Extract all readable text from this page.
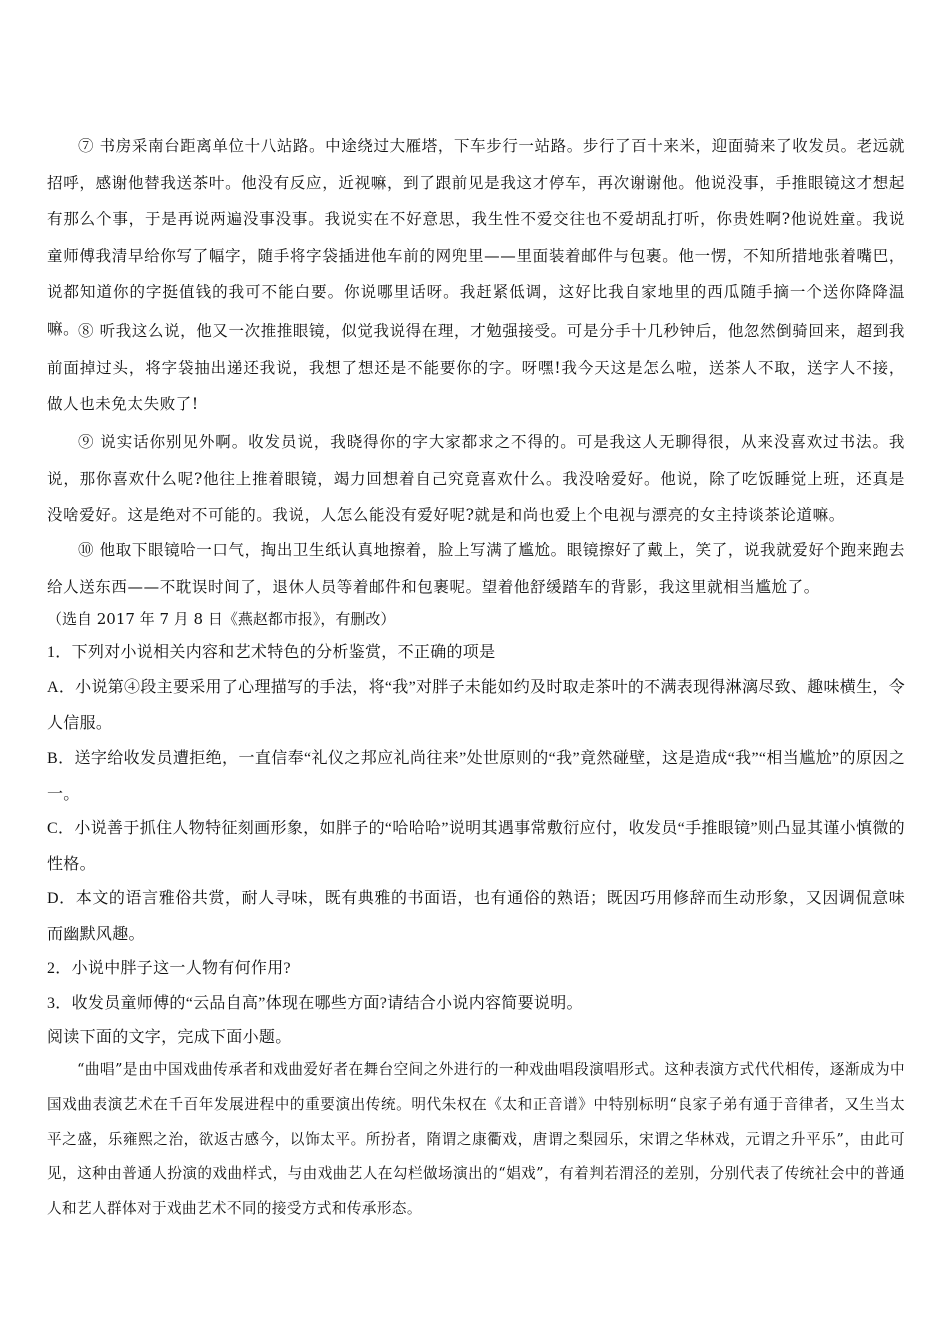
⑦ 书房采南台距离单位十八站路。中途绕过大雁塔，下车步行一站路。步行了百十来米，迎面骑来了收发员。老远就招呼，感谢他替我送茶叶。他没有反应，近视嘛，到了跟前见是我这才停车，再次谢谢他。他说没事，手推眼镜这才想起有那么个事，于是再说两遍没事没事。我说实在不好意思，我生性不爱交往也不爱胡乱打听，你贵姓啊?他说姓童。我说童师傅我清早给你写了幅字，随手将字袋插进他车前的网兜里——里面装着邮件与包裹。他一愣，不知所措地张着嘴巴，说都知道你的字挺值钱的我可不能白要。你说哪里话呀。我赶紧低调，这好比我自家地里的西瓜随手摘一个送你降降温嘛。

⑧ 听我这么说，他又一次推推眼镜，似觉我说得在理，才勉强接受。可是分手十几秒钟后，他忽然倒骑回来，超到我前面掉过头，将字袋抽出递还我说，我想了想还是不能要你的字。呀嘿!我今天这是怎么啦，送茶人不取，送字人不接，做人也未免太失败了!

⑨ 说实话你别见外啊。收发员说，我晓得你的字大家都求之不得的。可是我这人无聊得很，从来没喜欢过书法。我说，那你喜欢什么呢?他往上推着眼镜，竭力回想着自己究竟喜欢什么。我没啥爱好。他说，除了吃饭睡觉上班，还真是没啥爱好。这是绝对不可能的。我说，人怎么能没有爱好呢?就是和尚也爱上个电视与漂亮的女主持谈茶论道嘛。

⑩ 他取下眼镜哈一口气，掏出卫生纸认真地擦着，脸上写满了尴尬。眼镜擦好了戴上，笑了，说我就爱好个跑来跑去给人送东西——不耽误时间了，退休人员等着邮件和包裹呢。望着他舒缓踏车的背影，我这里就相当尴尬了。

（选自 2017 年 7 月 8 日《燕赵都市报》，有删改）

1．下列对小说相关内容和艺术特色的分析鉴赏，不正确的项是

A．小说第④段主要采用了心理描写的手法，将“我”对胖子未能如约及时取走茶叶的不满表现得淋漓尽致、趣味横生，令人信服。

B．送字给收发员遭拒绝，一直信奉“礼仪之邦应礼尚往来”处世原则的“我”竟然碰壁，这是造成“我”“相当尴尬”的原因之一。

C．小说善于抓住人物特征刻画形象，如胖子的“哈哈哈”说明其遇事常敷衍应付，收发员“手推眼镜”则凸显其谨小慎微的性格。

D．本文的语言雅俗共赏，耐人寻味，既有典雅的书面语，也有通俗的熟语；既因巧用修辞而生动形象，又因调侃意味而幽默风趣。

2．小说中胖子这一人物有何作用?

3．收发员童师傅的“云品自高”体现在哪些方面?请结合小说内容简要说明。

阅读下面的文字，完成下面小题。

“曲唱”是由中国戏曲传承者和戏曲爱好者在舞台空间之外进行的一种戏曲唱段演唱形式。这种表演方式代代相传，逐渐成为中国戏曲表演艺术在千百年发展进程中的重要演出传统。明代朱权在《太和正音谱》中特别标明“良家子弟有通于音律者，又生当太平之盛，乐雍熙之治，欲返古感今，以饰太平。所扮者，隋谓之康衢戏，唐谓之梨园乐，宋谓之华林戏，元谓之升平乐”，由此可见，这种由普通人扮演的戏曲样式，与由戏曲艺人在勾栏做场演出的“娼戏”，有着判若渭泾的差别，分别代表了传统社会中的普通人和艺人群体对于戏曲艺术不同的接受方式和传承形态。
